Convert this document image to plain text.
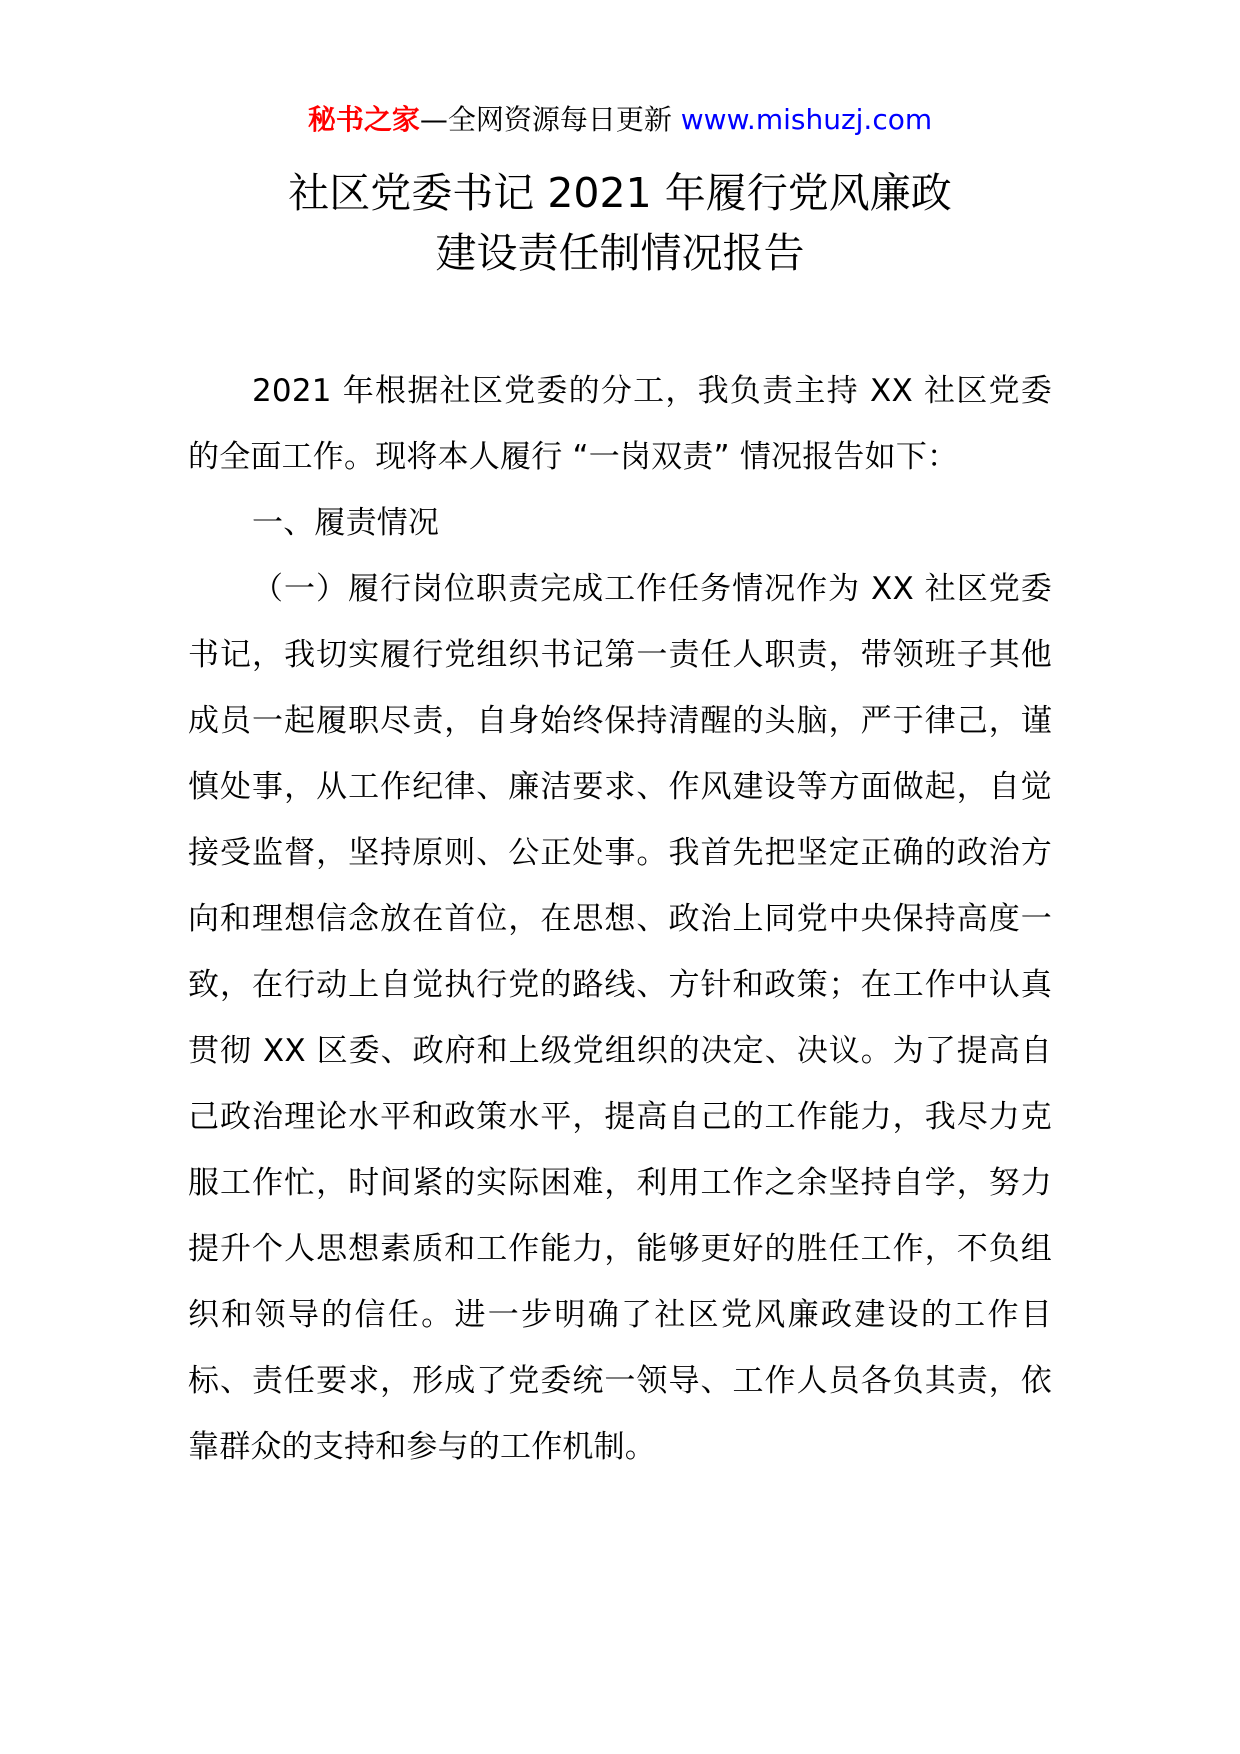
秘书之家—全网资源每日更新 www.mishuzj.com
社区党委书记 2021 年履行党风廉政
建设责任制情况报告

2021 年根据社区党委的分工，我负责主持 XX 社区党委的全面工作。现将本人履行 “一岗双责” 情况报告如下：

一、履责情况

（一）履行岗位职责完成工作任务情况作为 XX 社区党委书记，我切实履行党组织书记第一责任人职责，带领班子其他成员一起履职尽责，自身始终保持清醒的头脑，严于律己，谨慎处事，从工作纪律、廉洁要求、作风建设等方面做起，自觉接受监督，坚持原则、公正处事。我首先把坚定正确的政治方向和理想信念放在首位，在思想、政治上同党中央保持高度一致，在行动上自觉执行党的路线、方针和政策；在工作中认真贯彻 XX 区委、政府和上级党组织的决定、决议。为了提高自己政治理论水平和政策水平，提高自己的工作能力，我尽力克服工作忙，时间紧的实际困难，利用工作之余坚持自学，努力提升个人思想素质和工作能力，能够更好的胜任工作，不负组织和领导的信任。进一步明确了社区党风廉政建设的工作目标、责任要求，形成了党委统一领导、工作人员各负其责，依靠群众的支持和参与的工作机制。
